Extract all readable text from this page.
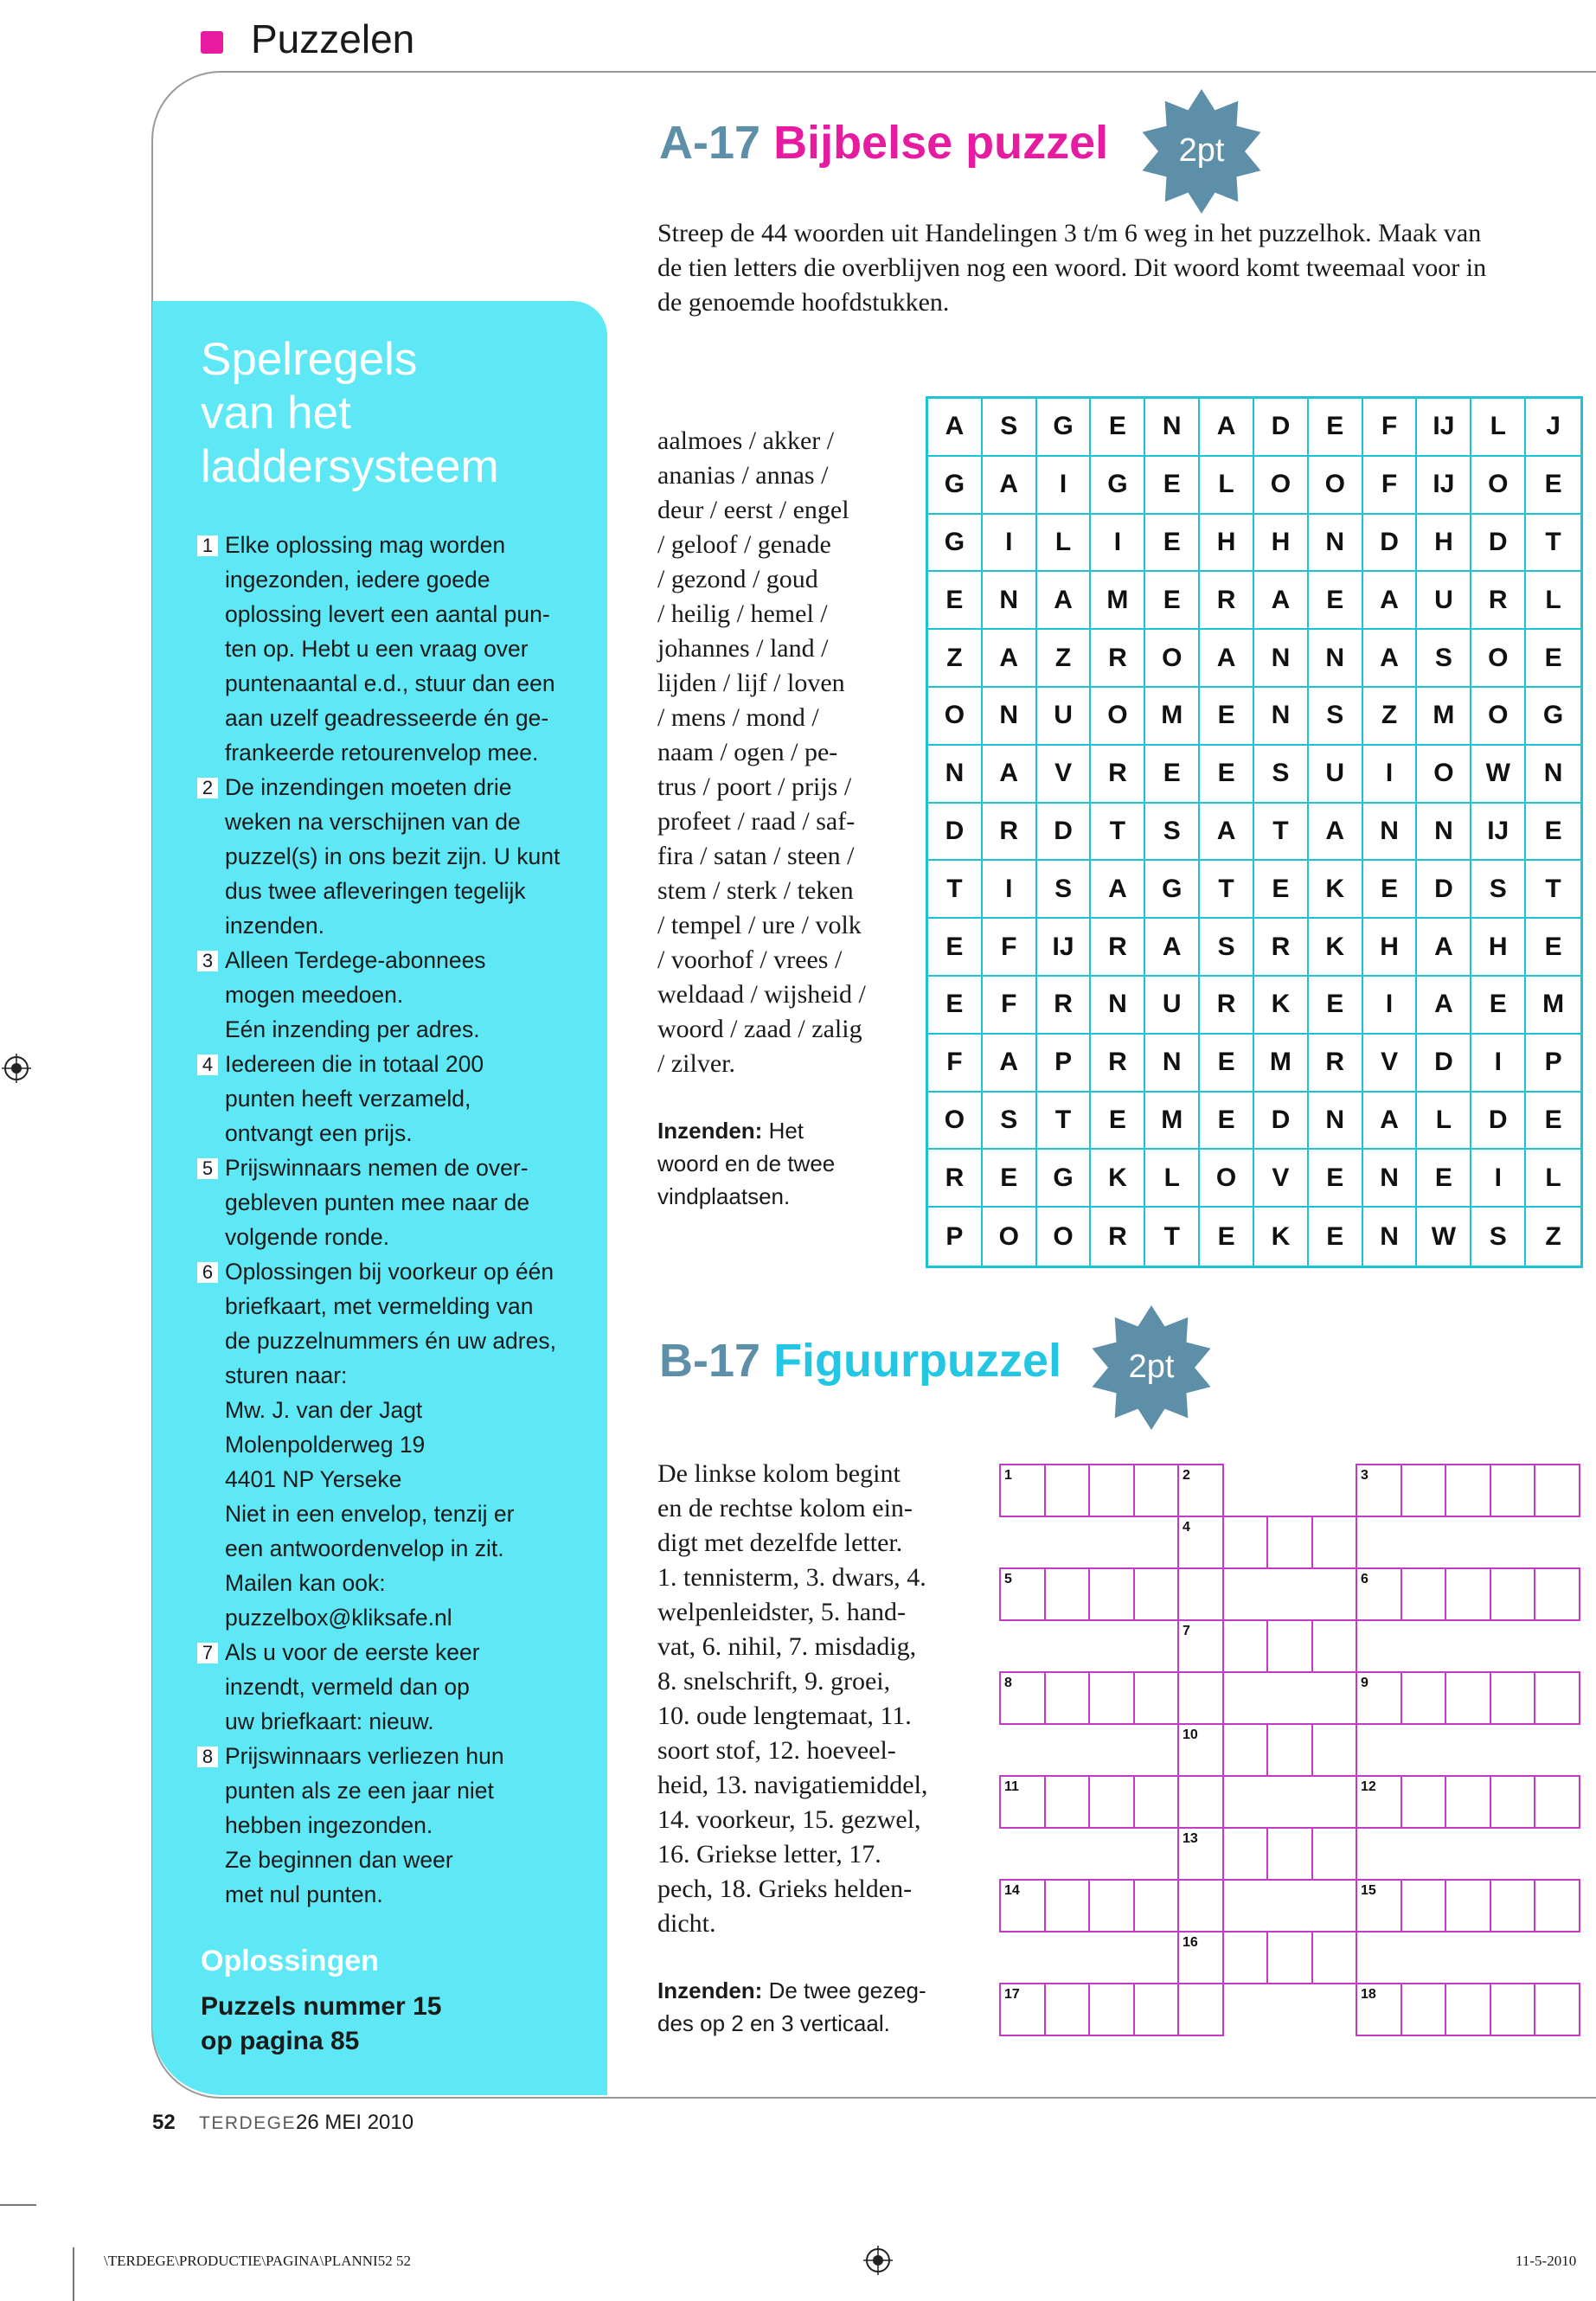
Puzzelen
Spelregels
van het
laddersysteem
1 Elke oplossing mag worden
ingezonden, iedere goede
oplossing levert een aantal pun-
ten op. Hebt u een vraag over
puntenaantal e.d., stuur dan een
aan uzelf geadresseerde én ge-
frankeerde retourenvelop mee.
2 De inzendingen moeten drie
weken na verschijnen van de
puzzel(s) in ons bezit zijn. U kunt
dus twee afleveringen tegelijk
inzenden.
3 Alleen Terdege-abonnees
mogen meedoen.
Eén inzending per adres.
4 Iedereen die in totaal 200
punten heeft verzameld,
ontvangt een prijs.
5 Prijswinnaars nemen de over-
gebleven punten mee naar de
volgende ronde.
6 Oplossingen bij voorkeur op één
briefkaart, met vermelding van
de puzzelnummers én uw adres,
sturen naar:
Mw. J. van der Jagt
Molenpolderweg 19
4401 NP Yerseke
Niet in een envelop, tenzij er
een antwoordenvelop in zit.
Mailen kan ook:
puzzelbox@kliksafe.nl
7 Als u voor de eerste keer
inzendt, vermeld dan op
uw briefkaart: nieuw.
8 Prijswinnaars verliezen hun
punten als ze een jaar niet
hebben ingezonden.
Ze beginnen dan weer
met nul punten.
Oplossingen
Puzzels nummer 15
op pagina 85
A-17 Bijbelse puzzel 2pt
Streep de 44 woorden uit Handelingen 3 t/m 6 weg in het puzzelhok. Maak van
de tien letters die overblijven nog een woord. Dit woord komt tweemaal voor in
de genoemde hoofdstukken.
aalmoes / akker /
ananias / annas /
deur / eerst / engel
/ geloof / genade
/ gezond / goud
/ heilig / hemel /
johannes / land /
lijden / lijf / loven
/ mens / mond /
naam / ogen / pe-
trus / poort / prijs /
profeet / raad / saf-
fira / satan / steen /
stem / sterk / teken
/ tempel / ure / volk
/ voorhof / vrees /
weldaad / wijsheid /
woord / zaad / zalig
/ zilver.
Inzenden: Het
woord en de twee
vindplaatsen.
A	S	G	E	N	A	D	E	F	IJ	L	J
G	A	I	G	E	L	O	O	F	IJ	O	E
G	I	L	I	E	H	H	N	D	H	D	T
E	N	A	M	E	R	A	E	A	U	R	L
Z	A	Z	R	O	A	N	N	A	S	O	E
O	N	U	O	M	E	N	S	Z	M	O	G
N	A	V	R	E	E	S	U	I	O	W	N
D	R	D	T	S	A	T	A	N	N	IJ	E
T	I	S	A	G	T	E	K	E	D	S	T
E	F	IJ	R	A	S	R	K	H	A	H	E
E	F	R	N	U	R	K	E	I	A	E	M
F	A	P	R	N	E	M	R	V	D	I	P
O	S	T	E	M	E	D	N	A	L	D	E
R	E	G	K	L	O	V	E	N	E	I	L
P	O	O	R	T	E	K	E	N	W	S	Z
B-17 Figuurpuzzel 2pt
De linkse kolom begint
en de rechtse kolom ein-
digt met dezelfde letter.
1. tennisterm, 3. dwars, 4.
welpenleidster, 5. hand-
vat, 6. nihil, 7. misdadig,
8. snelschrift, 9. groei,
10. oude lengtemaat, 11.
soort stof, 12. hoeveel-
heid, 13. navigatiemiddel,
14. voorkeur, 15. gezwel,
16. Griekse letter, 17.
pech, 18. Grieks helden-
dicht.
Inzenden: De twee gezeg-
des op 2 en 3 verticaal.
1	2	3
4
5	6
7
8	9
10
11	12
13
14	15
16
17	18
52 TERDEGE 26 MEI 2010
\TERDEGE\PRODUCTIE\PAGINA\PLANNI52 52	11-5-2010
